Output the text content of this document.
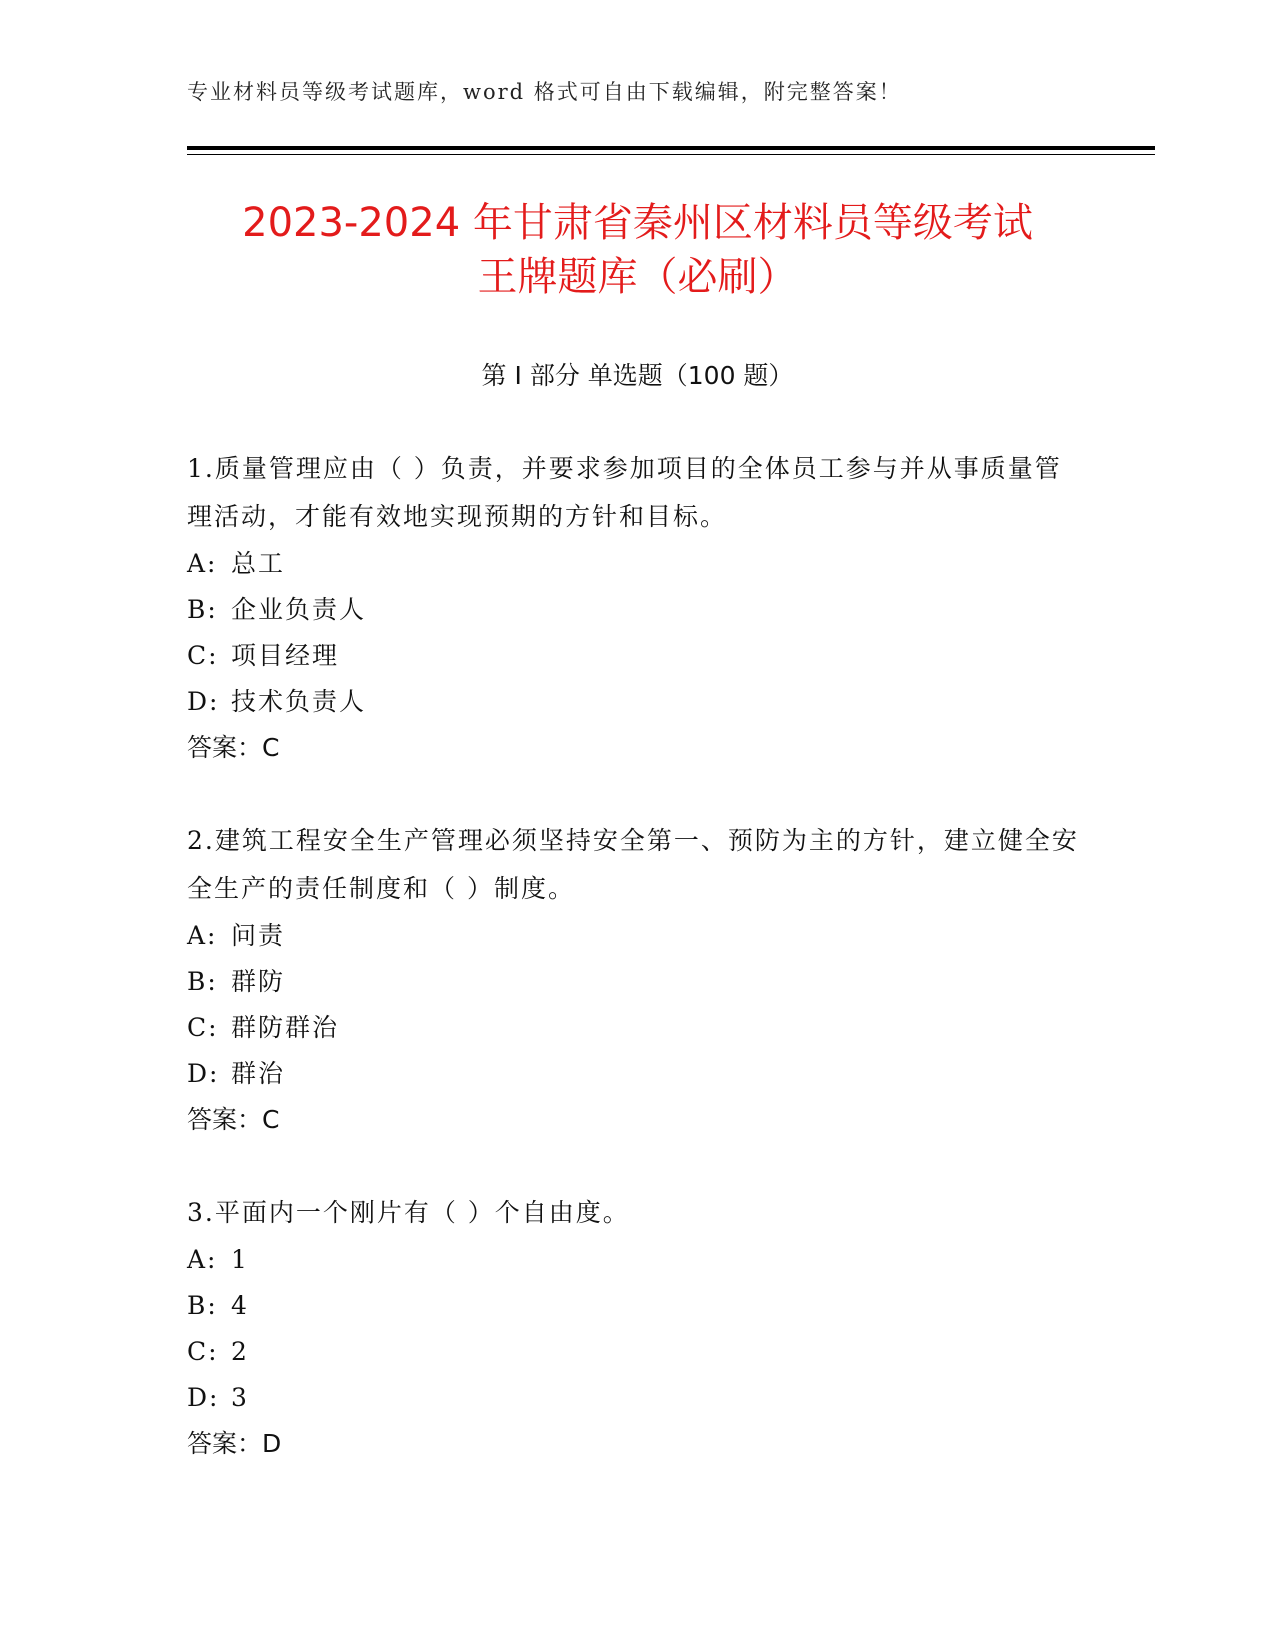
专业材料员等级考试题库，word 格式可自由下载编辑，附完整答案！
2023-2024 年甘肃省秦州区材料员等级考试
王牌题库（必刷）
第 I 部分 单选题（100 题）

1.质量管理应由（ ）负责，并要求参加项目的全体员工参与并从事质量管理活动，才能有效地实现预期的方针和目标。

A: 总工

B: 企业负责人

C: 项目经理

D: 技术负责人

答案：C

2.建筑工程安全生产管理必须坚持安全第一、预防为主的方针，建立健全安全生产的责任制度和（ ）制度。

A: 问责

B: 群防

C: 群防群治

D: 群治

答案：C

3.平面内一个刚片有（ ）个自由度。

A: 1

B: 4

C: 2

D: 3

答案：D
